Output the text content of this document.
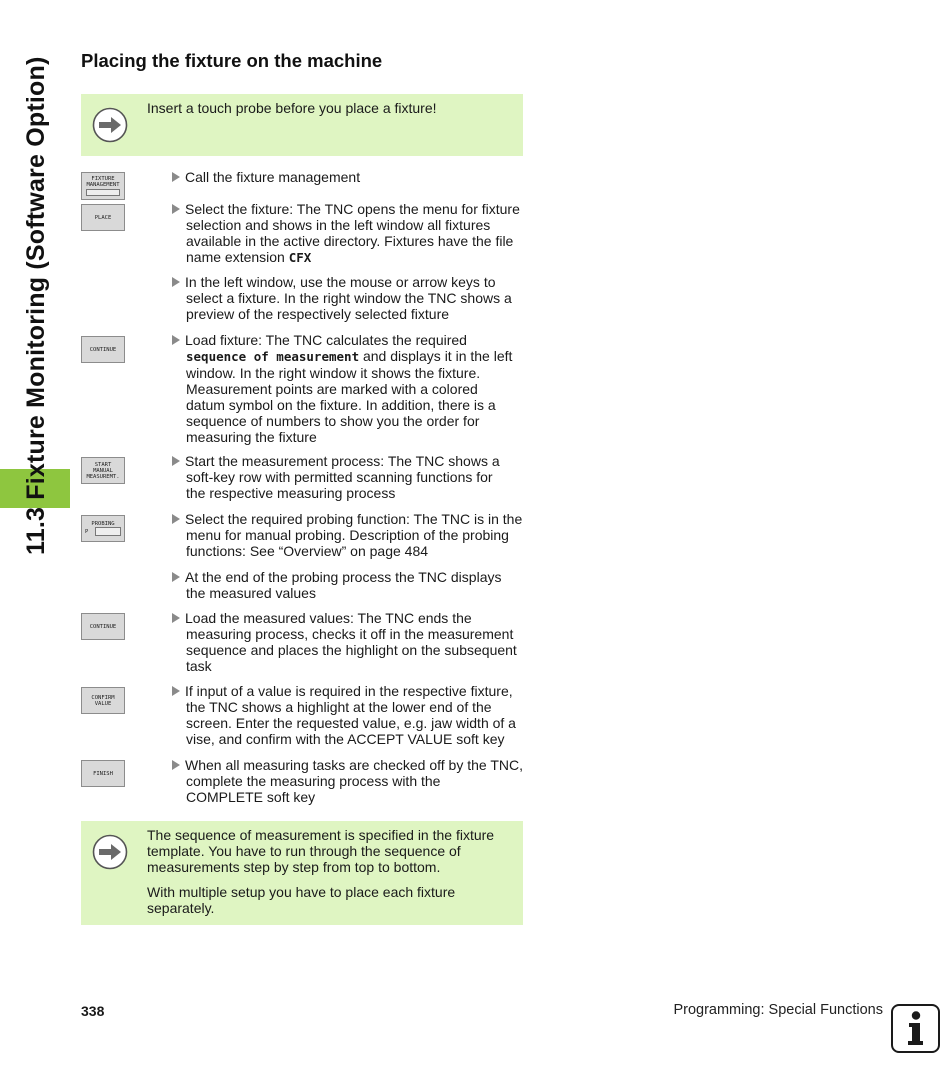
11.3 Fixture Monitoring (Software Option) Placing the fixture on the machine

Insert a touch probe before you place a fixture!

FIXTURE
MANAGEMENT
PLACE
CONTINUE
START
MANUAL
MEASUREMT.
PROBING
P
CONTINUE
CONFIRM
VALUE
FINISH
Call the fixture management
Select the fixture: The TNC opens the menu for fixture
selection and shows in the left window all fixtures
available in the active directory. Fixtures have the file
name extension CFX
In the left window, use the mouse or arrow keys to
select a fixture. In the right window the TNC shows a
preview of the respectively selected fixture
Load fixture: The TNC calculates the required
sequence of measurement and displays it in the left
window. In the right window it shows the fixture.
Measurement points are marked with a colored
datum symbol on the fixture. In addition, there is a
sequence of numbers to show you the order for
measuring the fixture
Start the measurement process: The TNC shows a
soft-key row with permitted scanning functions for
the respective measuring process
Select the required probing function: The TNC is in the
menu for manual probing. Description of the probing
functions: See “Overview” on page 484
At the end of the probing process the TNC displays
the measured values
Load the measured values: The TNC ends the
measuring process, checks it off in the measurement
sequence and places the highlight on the subsequent
task
If input of a value is required in the respective fixture,
the TNC shows a highlight at the lower end of the
screen. Enter the requested value, e.g. jaw width of a
vise, and confirm with the ACCEPT VALUE soft key
When all measuring tasks are checked off by the TNC,
complete the measuring process with the
COMPLETE soft key

The sequence of measurement is specified in the fixture template. You have to run through the sequence of measurements step by step from top to bottom.

With multiple setup you have to place each fixture separately.

338	Programming: Special Functions
